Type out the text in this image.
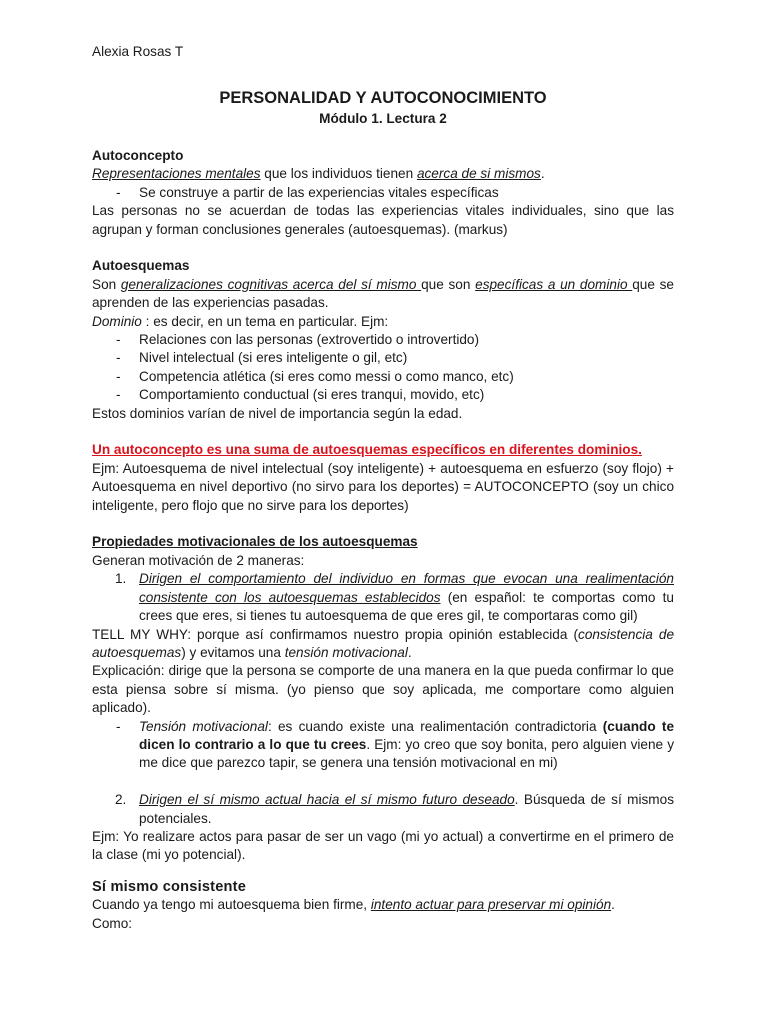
Alexia Rosas T
PERSONALIDAD Y AUTOCONOCIMIENTO
Módulo 1. Lectura 2

Autoconcepto

Representaciones mentales que los individuos tienen acerca de si mismos.

- Se construye a partir de las experiencias vitales específicas

Las personas no se acuerdan de todas las experiencias vitales individuales, sino que las agrupan y forman conclusiones generales (autoesquemas). (markus)

Autoesquemas

Son generalizaciones cognitivas acerca del sí mismo que son específicas a un dominio que se aprenden de las experiencias pasadas.

Dominio : es decir, en un tema en particular. Ejm:

- Relaciones con las personas (extrovertido o introvertido)

- Nivel intelectual (si eres inteligente o gil, etc)

- Competencia atlética (si eres como messi o como manco, etc)

- Comportamiento conductual (si eres tranqui, movido, etc)

Estos dominios varían de nivel de importancia según la edad.

Un autoconcepto es una suma de autoesquemas específicos en diferentes dominios.

Ejm: Autoesquema de nivel intelectual (soy inteligente) + autoesquema en esfuerzo (soy flojo) + Autoesquema en nivel deportivo (no sirvo para los deportes) = AUTOCONCEPTO (soy un chico inteligente, pero flojo que no sirve para los deportes)

Propiedades motivacionales de los autoesquemas

Generan motivación de 2 maneras:

1. Dirigen el comportamiento del individuo en formas que evocan una realimentación consistente con los autoesquemas establecidos (en español: te comportas como tu crees que eres, si tienes tu autoesquema de que eres gil, te comportaras como gil)

TELL MY WHY: porque así confirmamos nuestro propia opinión establecida (consistencia de autoesquemas) y evitamos una tensión motivacional.

Explicación: dirige que la persona se comporte de una manera en la que pueda confirmar lo que esta piensa sobre sí misma. (yo pienso que soy aplicada, me comportare como alguien aplicado).

- Tensión motivacional: es cuando existe una realimentación contradictoria (cuando te dicen lo contrario a lo que tu crees. Ejm: yo creo que soy bonita, pero alguien viene y me dice que parezco tapir, se genera una tensión motivacional en mi)

2. Dirigen el sí mismo actual hacia el sí mismo futuro deseado. Búsqueda de sí mismos potenciales.

Ejm: Yo realizare actos para pasar de ser un vago (mi yo actual) a convertirme en el primero de la clase (mi yo potencial).

Sí mismo consistente

Cuando ya tengo mi autoesquema bien firme, intento actuar para preservar mi opinión.

Como:
